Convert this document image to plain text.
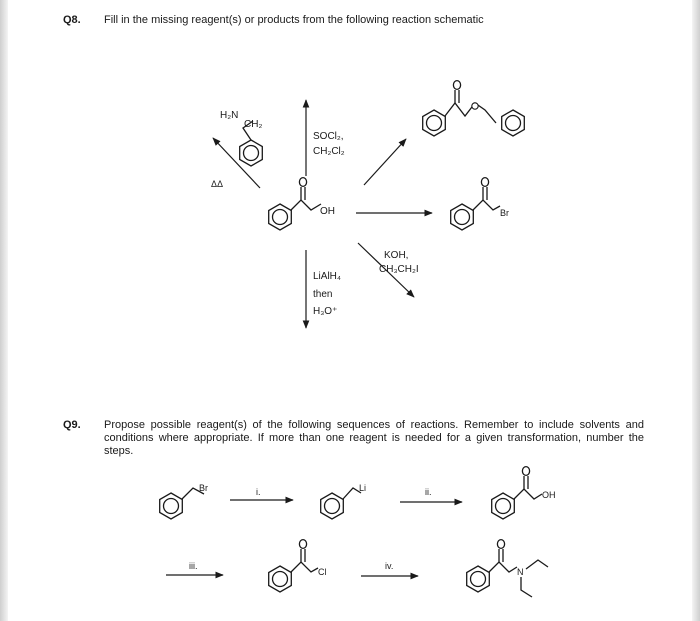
Q8. Fill in the missing reagent(s) or products from the following reaction schematic
Q9. Propose possible reagent(s) of the following sequences of reactions. Remember to include solvents and conditions where appropriate. If more than one reagent is needed for a given transformation, number the steps.
H₂N
CH₂
ΔΔ
SOCl₂,
CH₂Cl₂
OH	Br
KOH,
CH₃CH₂I
LiAlH₄
then
H₃O⁺
Br	i.	Li	ii.	OH
iii.
Cl
iv.
N
